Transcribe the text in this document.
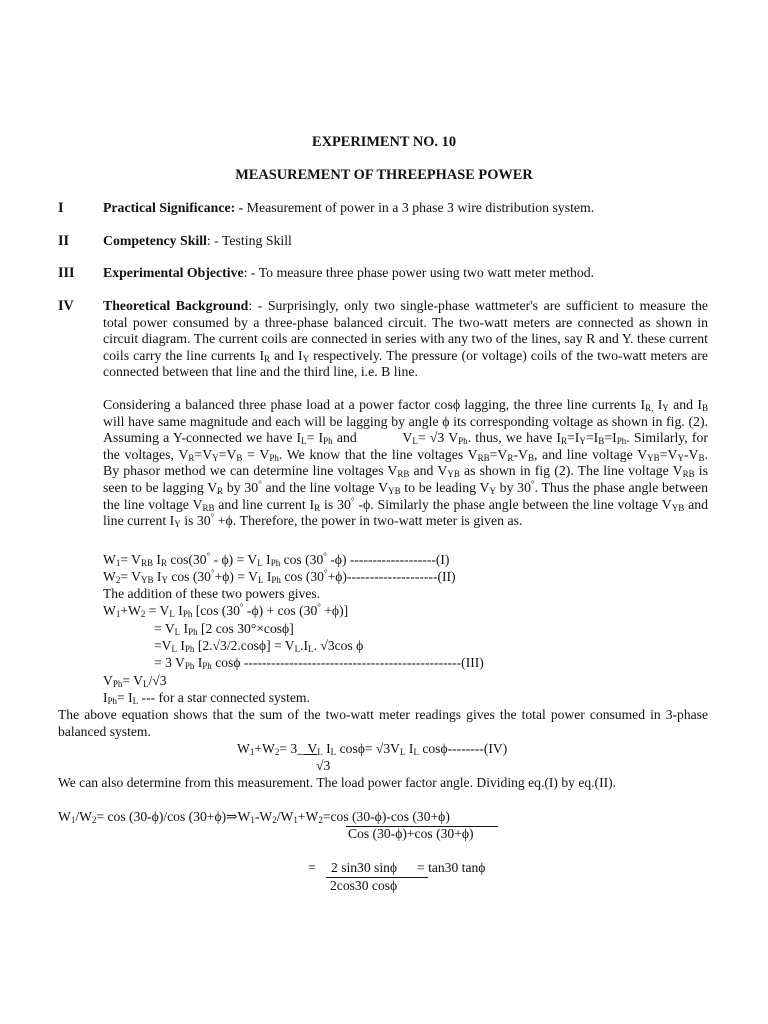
EXPERIMENT NO. 10
MEASUREMENT OF THREEPHASE POWER
I	Practical Significance: - Measurement of power in a 3 phase 3 wire distribution system.
II Competency Skill: - Testing Skill
III Experimental Objective: - To measure three phase power using two watt meter method.
IV Theoretical Background: - Surprisingly, only two single-phase wattmeter's are sufficient to measure the total power consumed by a three-phase balanced circuit. The two-watt meters are connected as shown in circuit diagram. The current coils are connected in series with any two of the lines, say R and Y. these current coils carry the line currents $I_R$ and $I_Y$ respectively. The pressure (or voltage) coils of the two-watt meters are connected between that line and the third line, i.e. B line.
Considering a balanced three phase load at a power factor cosϕ lagging, the three line currents $I_{R,}$ $I_Y$ and $I_B$ will have same magnitude and each will be lagging by angle ϕ its corresponding voltage as shown in fig. (2). Assuming a Y-connected we have $I_L= I_{Ph}$ and	$V_L= √3$ $V_{Ph}$. thus, we have $I_R=I_Y=I_B=I_{Ph}$. Similarly, for the voltages, $V_R=V_Y=V_B = V_{Ph}$. We know that the line voltages $V_{RB}=V_R-V_B$, and line voltage $V_{YB}=V_Y-V_B$. By phasor method we can determine line voltages $V_{RB}$ and $V_{YB}$ as shown in fig (2). The line voltage $V_{RB}$ is seen to be lagging $V_R$ by 30° and the line voltage $V_{YB}$ to be leading $V_Y$ by 30°. Thus the phase angle between the line voltage $V_{RB}$ and line current $I_R$ is 30° -ϕ. Similarly the phase angle between the line voltage $V_{YB}$ and line current $I_Y$ is 30° +ϕ. Therefore, the power in two-watt meter is given as.
$W_1= V_{RB}$ $I_R$ $\cos(30^\circ - \phi) = V_L$ $I_{Ph}$ cos (30° -ϕ) -------------------(I)
$W_2= V_{YB}$ $I_Y$ $\cos (30^\circ+\phi) = V_L$ $I_{Ph}$ cos (30°+ϕ)--------------------(II)
The addition of these two powers gives.
$W_1+W_2 = V_L$ $I_{Ph}$ [cos (30° -ϕ) + cos (30° +ϕ)]
= $V_L$ $I_{Ph}$ [2 cos 30°×cosϕ]
$=V_L$ $I_{Ph}$ $[2.√3/2.\cos\phi] = V_L.I_L$. √3cos ϕ
= 3 $V_{Ph}$ $I_{Ph}$ cosϕ ------------------------------------------------(III)
$V_{Ph}= V_L/√3$
$I_{Ph}= I_L$ --- for a star connected system.
The above equation shows that the sum of the two-watt meter readings gives the total power consumed in 3-phase balanced system.
$W_1+W_2=$ 3_ $V_L$ $I_L$ $\cos\phi= √3V_L$ $I_L$ cosϕ--------(IV)
√3
We can also determine from this measurement. The load power factor angle. Dividing eq.(I) by eq.(II).
$W_1/W_2= \cos (30-\phi)/\cos$ $(30+\phi)\Rightarrow W_1-W_2/W_1+W_2=\cos$ (30-ϕ)-cos (30+ϕ)
Cos (30-ϕ)+cos (30+ϕ)
= 2 sin30 sinϕ = tan30 tanϕ
2cos30 cosϕ
